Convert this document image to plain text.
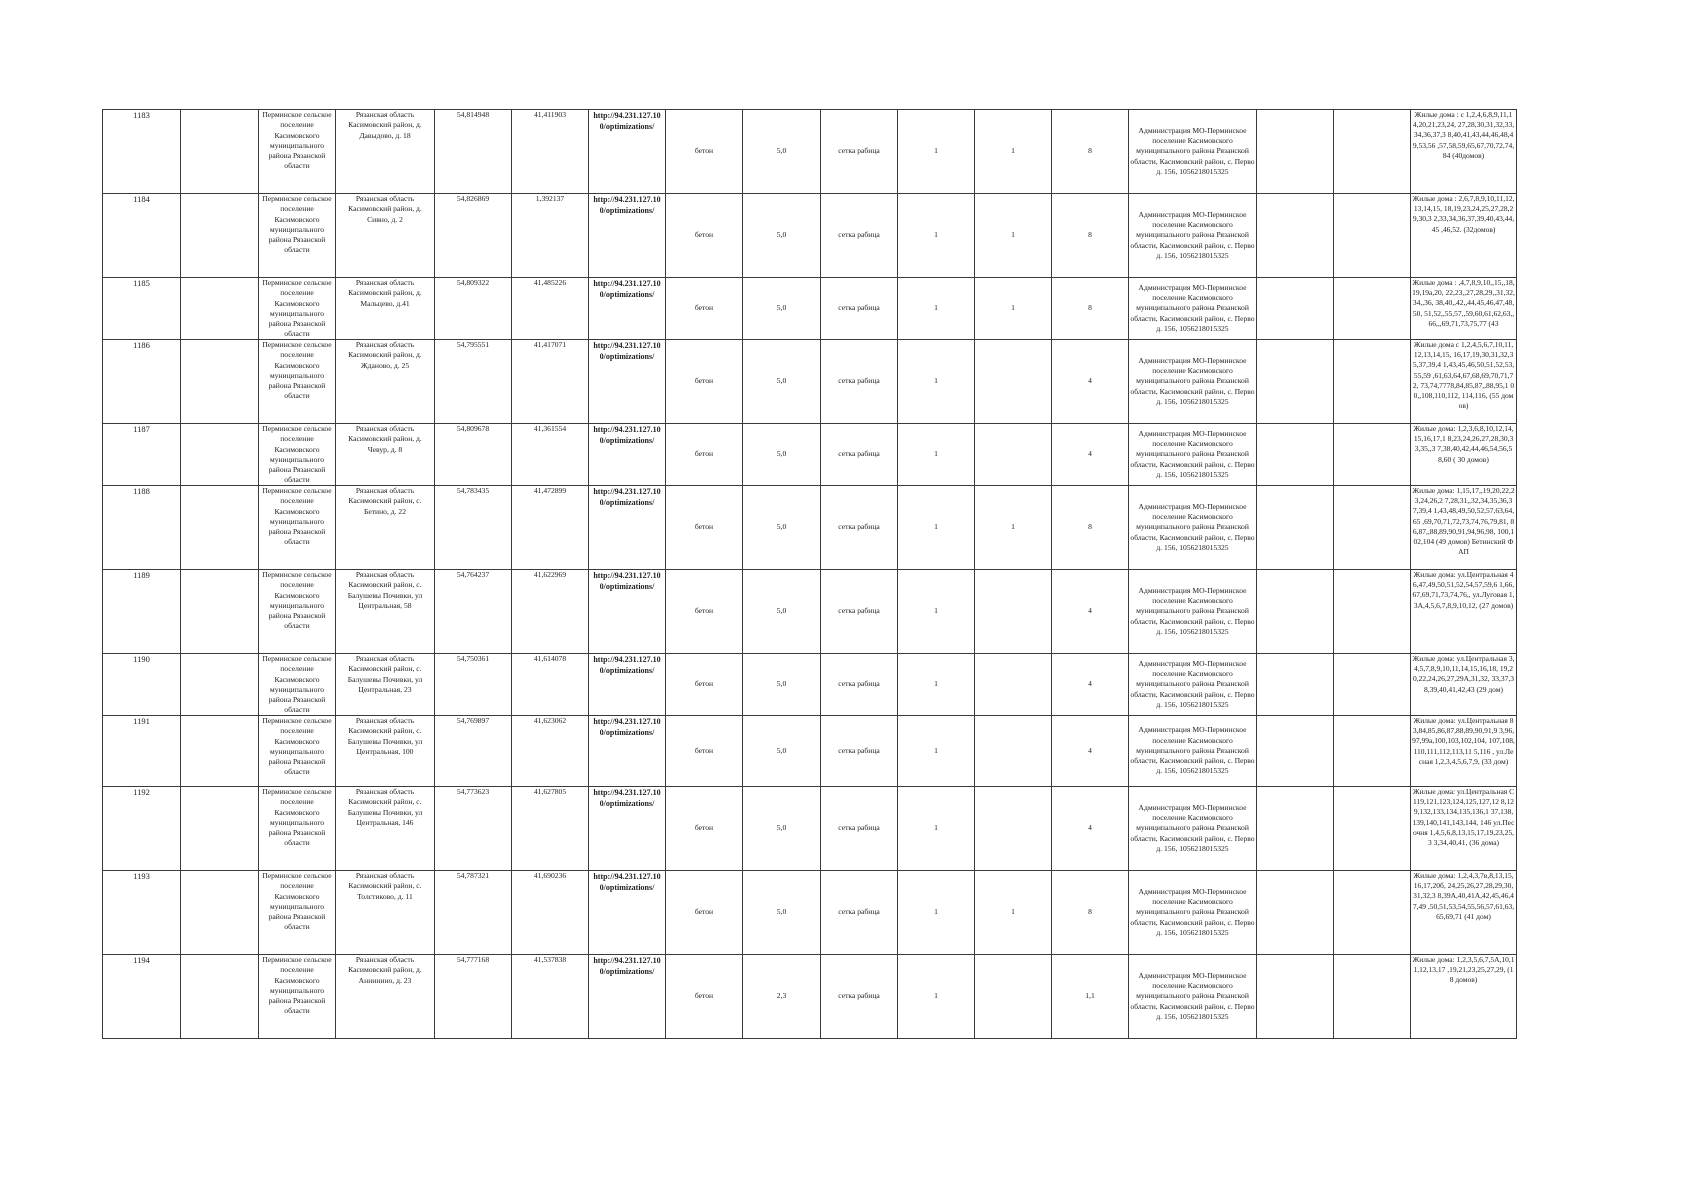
1183		Перминское сельское поселение Касимовского муниципального района Рязанской области	Рязанская область Касимовский район, д. Давыдово, д. 18	54,814948	41,411903	http://94.231.127.10 0/optimizations/	бетон	5,0	сетка рабица	1	1	8	Администрация МО-Перминское поселение Касимовского муниципального района Рязанской области, Касимовский район, с. Перво д. 156, 1056218015325			Жилые дома : с 1,2,4,6,8,9,11,14,20,21,23,24, 27,28,30,31,32,33,34,36,37,3 8,40,41,43,44,46,48,49,53,56 ,57,58,59,65,67,70,72,74,84 (40домов)

1184		Перминское сельское поселение Касимовского муниципального района Рязанской области	Рязанская область Касимовский район, д. Сивно, д. 2	54,826869	1,392137	http://94.231.127.10 0/optimizations/	бетон	5,0	сетка рабица	1	1	8	Администрация МО-Перминское поселение Касимовского муниципального района Рязанской области, Касимовский район, с. Перво д. 156, 1056218015325			Жилые дома : 2,6,7,8,9,10,11,12,13,14,15, 18,19,23,24,25,27,28,29,30,3 2,33,34,36,37,39,40,43,44,45 ,46,52. (32домов)

1185		Перминское сельское поселение Касимовского муниципального района Рязанской области	Рязанская область Касимовский район, д. Мальцево, д.41	54,809322	41,485226	http://94.231.127.10 0/optimizations/	бетон	5,0	сетка рабица	1	1	8	Администрация МО-Перминское поселение Касимовского муниципального района Рязанской области, Касимовский район, с. Перво д. 156, 1056218015325			Жилые дома : ,4,7,8,9,10,,15,,18,19,19а,20, 22,23,,27,28,29,,31,32,34,,36, 38,40,,42,,44,45,46,47,48,50, 51,52,,55,57,,59,60,61,62,63,, 66,,,69,71,73,75,77 (43

1186		Перминское сельское поселение Касимовского муниципального района Рязанской области	Рязанская область Касимовский район, д. Жданово, д. 25	54,795551	41,417071	http://94.231.127.10 0/optimizations/	бетон	5,0	сетка рабица	1		4	Администрация МО-Перминское поселение Касимовского муниципального района Рязанской области, Касимовский район, с. Перво д. 156, 1056218015325			Жилые дома с 1,2,4,5,6,7,10,11,12,13,14,15, 16,17,19,30,31,32,35,37,39,4 1,43,45,46,50,51,52,53,55,59 ,61,63,64,67,68,69,70,71,72, 73,74,7778,84,85,87,,88,95,1 00,,108,110,112, 114,116, (55 домов)

1187		Перминское сельское поселение Касимовского муниципального района Рязанской области	Рязанская область Касимовский район, д. Чевур, д. 8	54,809678	41,361554	http://94.231.127.10 0/optimizations/	бетон	5,0	сетка рабица	1		4	Администрация МО-Перминское поселение Касимовского муниципального района Рязанской области, Касимовский район, с. Перво д. 156, 1056218015325			Жилые дома: 1,2,3,6,8,10,12,14,15,16,17,1 8,23,24,26,27,28,30,33,35,,3 7,38,40,42,44,46,54,56,58,60 ( 30 домов)

1188		Перминское сельское поселение Касимовского муниципального района Рязанской области	Рязанская область Касимовский район, с. Бетино, д. 22	54,783435	41,472899	http://94.231.127.10 0/optimizations/	бетон	5,0	сетка рабица	1	1	8	Администрация МО-Перминское поселение Касимовского муниципального района Рязанской области, Касимовский район, с. Перво д. 156, 1056218015325			Жилые дома: 1,15,17,,19,20,22,23,24,26,2 7,28,31,,32,34,35,36,37,39,4 1,43,48,49,50,52,57,63,64,65 ,69,70,71,72,73,74,76,79,81, 86,87,,88,89,90,91,94,96,98, 100,102,104 (49 домов) Бетинский ФАП

1189		Перминское сельское поселение Касимовского муниципального района Рязанской области	Рязанская область Касимовский район, с. Балушевы Почивки, ул Центральная, 58	54,764237	41,622969	http://94.231.127.10 0/optimizations/	бетон	5,0	сетка рабица	1		4	Администрация МО-Перминское поселение Касимовского муниципального района Рязанской области, Касимовский район, с. Перво д. 156, 1056218015325			Жилые дома: ул.Центральная 46,47,49,50,51,52,54,57,59,6 1,66,67,69,71,73,74,76,, ул.Луговая 1,3А,4,5,6,7,8,9,10,12, (27 домов)

1190		Перминское сельское поселение Касимовского муниципального района Рязанской области	Рязанская область Касимовский район, с. Балушевы Почивки, ул Центральная, 23	54,750361	41,614078	http://94.231.127.10 0/optimizations/	бетон	5,0	сетка рабица	1		4	Администрация МО-Перминское поселение Касимовского муниципального района Рязанской области, Касимовский район, с. Перво д. 156, 1056218015325			Жилые дома: ул.Центральная 3,4,5,7,8,9,10,11,14,15,16,18, 19,20,22,24,26,27,29А,31,32, 33,37,38,39,40,41,42,43 (29 дом)

1191		Перминское сельское поселение Касимовского муниципального района Рязанской области	Рязанская область Касимовский район, с. Балушевы Почивки, ул Центральная, 100	54,769897	41,623062	http://94.231.127.10 0/optimizations/	бетон	5,0	сетка рабица	1		4	Администрация МО-Перминское поселение Касимовского муниципального района Рязанской области, Касимовский район, с. Перво д. 156, 1056218015325			Жилые дома: ул.Центральная 83,84,85,86,87,88,89,90,91,9 3,96,97,99а,100,103,102,104, 107,108,110,111,112,113,11 5,116 , ул.Лесная 1,2,3,4,5,6,7,9, (33 дом)

1192		Перминское сельское поселение Касимовского муниципального района Рязанской области	Рязанская область Касимовский район, с. Балушевы Почивки, ул Центральная, 146	54,773623	41,627805	http://94.231.127.10 0/optimizations/	бетон	5,0	сетка рабица	1		4	Администрация МО-Перминское поселение Касимовского муниципального района Рязанской области, Касимовский район, с. Перво д. 156, 1056218015325			Жилые дома: ул.Центральная С 119,121,123,124,125,127,12 8,129,132,133,134,135,136,1 37,138,139,140,141,143,144, 146 ул.Песочня 1,4,5,6,8,13,15,17,19,23,25,3 3,34,40,41, (36 дома)

1193		Перминское сельское поселение Касимовского муниципального района Рязанской области	Рязанская область Касимовский район, с. Толстиково, д. 11	54,787321	41,690236	http://94.231.127.10 0/optimizations/	бетон	5,0	сетка рабица	1	1	8	Администрация МО-Перминское поселение Касимовского муниципального района Рязанской области, Касимовский район, с. Перво д. 156, 1056218015325			Жилые дома: 1,2,4,3,7в,8,13,15,16,17,20б, 24,25,26,27,28,29,30,31,32,3 8,39А,40,41А,42,45,46,47,49 ,50,51,53,54,55,56,57,61,63, 65,69,71 (41 дом)

1194		Перминское сельское поселение Касимовского муниципального района Рязанской области	Рязанская область Касимовский район, д. Аннинино, д. 23	54,777168	41,537838	http://94.231.127.10 0/optimizations/	бетон	2,3	сетка рабица	1		1,1	Администрация МО-Перминское поселение Касимовского муниципального района Рязанской области, Касимовский район, с. Перво д. 156, 1056218015325			Жилые дома: 1,2,3,5,6,7,5А,10,11,12,13,17 ,19,21,23,25,27,29, (18 домов)
